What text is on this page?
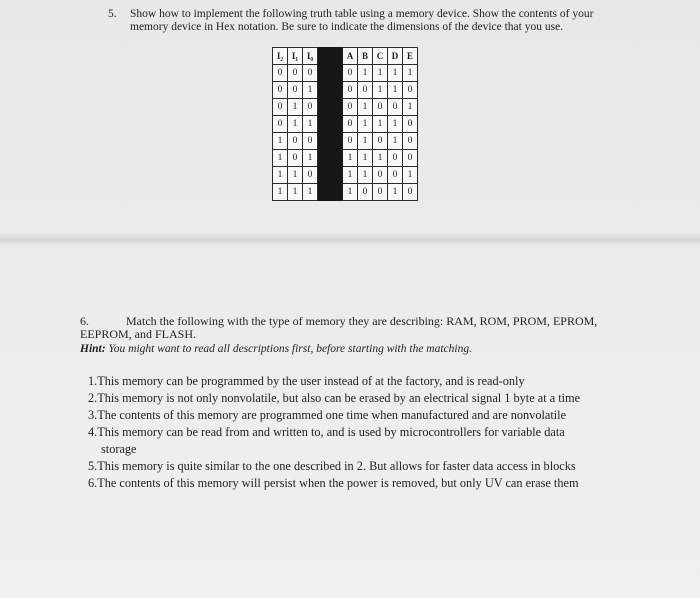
5. Show how to implement the following truth table using a memory device. Show the contents of your
memory device in Hex notation. Be sure to indicate the dimensions of the device that you use.
I₂	I₁	I₀		A	B	C	D	E
0	0	0		0	1	1	1	1
0	0	1		0	0	1	1	0
0	1	0		0	1	0	0	1
0	1	1		0	1	1	1	0
1	0	0		0	1	0	1	0
1	0	1		1	1	1	0	0
1	1	0		1	1	0	0	1
1	1	1		1	0	0	1	0
6.	Match the following with the type of memory they are describing: RAM, ROM, PROM, EPROM,
EEPROM, and FLASH.
Hint: You might want to read all descriptions first, before starting with the matching.
1.This memory can be programmed by the user instead of at the factory, and is read-only
2.This memory is not only nonvolatile, but also can be erased by an electrical signal 1 byte at a time
3.The contents of this memory are programmed one time when manufactured and are nonvolatile
4.This memory can be read from and written to, and is used by microcontrollers for variable data
storage
5.This memory is quite similar to the one described in 2. But allows for faster data access in blocks
6.The contents of this memory will persist when the power is removed, but only UV can erase them
